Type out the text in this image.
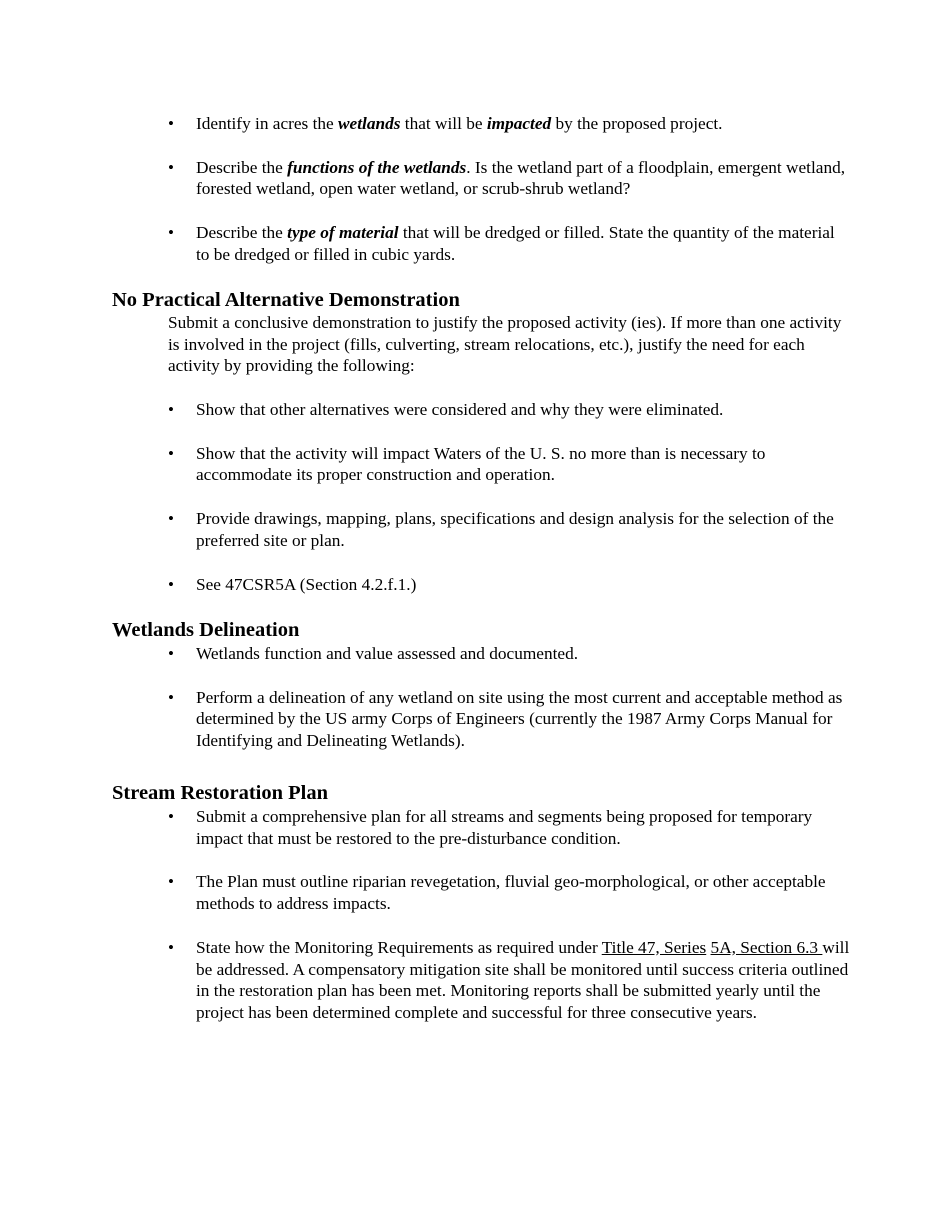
• Identify in acres the wetlands that will be impacted by the proposed project.
• Describe the functions of the wetlands. Is the wetland part of a floodplain, emergent wetland, forested wetland, open water wetland, or scrub-shrub wetland?
• Describe the type of material that will be dredged or filled. State the quantity of the material to be dredged or filled in cubic yards.
No Practical Alternative Demonstration

Submit a conclusive demonstration to justify the proposed activity (ies). If more than one activity is involved in the project (fills, culverting, stream relocations, etc.), justify the need for each activity by providing the following:

• Show that other alternatives were considered and why they were eliminated.
• Show that the activity will impact Waters of the U. S. no more than is necessary to accommodate its proper construction and operation.
• Provide drawings, mapping, plans, specifications and design analysis for the selection of the preferred site or plan.
• See 47CSR5A (Section 4.2.f.1.)
Wetlands Delineation
• Wetlands function and value assessed and documented.
• Perform a delineation of any wetland on site using the most current and acceptable method as determined by the US army Corps of Engineers (currently the 1987 Army Corps Manual for Identifying and Delineating Wetlands).
Stream Restoration Plan
• Submit a comprehensive plan for all streams and segments being proposed for temporary impact that must be restored to the pre-disturbance condition.
• The Plan must outline riparian revegetation, fluvial geo-morphological, or other acceptable methods to address impacts.
• State how the Monitoring Requirements as required under Title 47, Series 5A, Section 6.3 will be addressed. A compensatory mitigation site shall be monitored until success criteria outlined in the restoration plan has been met. Monitoring reports shall be submitted yearly until the project has been determined complete and successful for three consecutive years.
